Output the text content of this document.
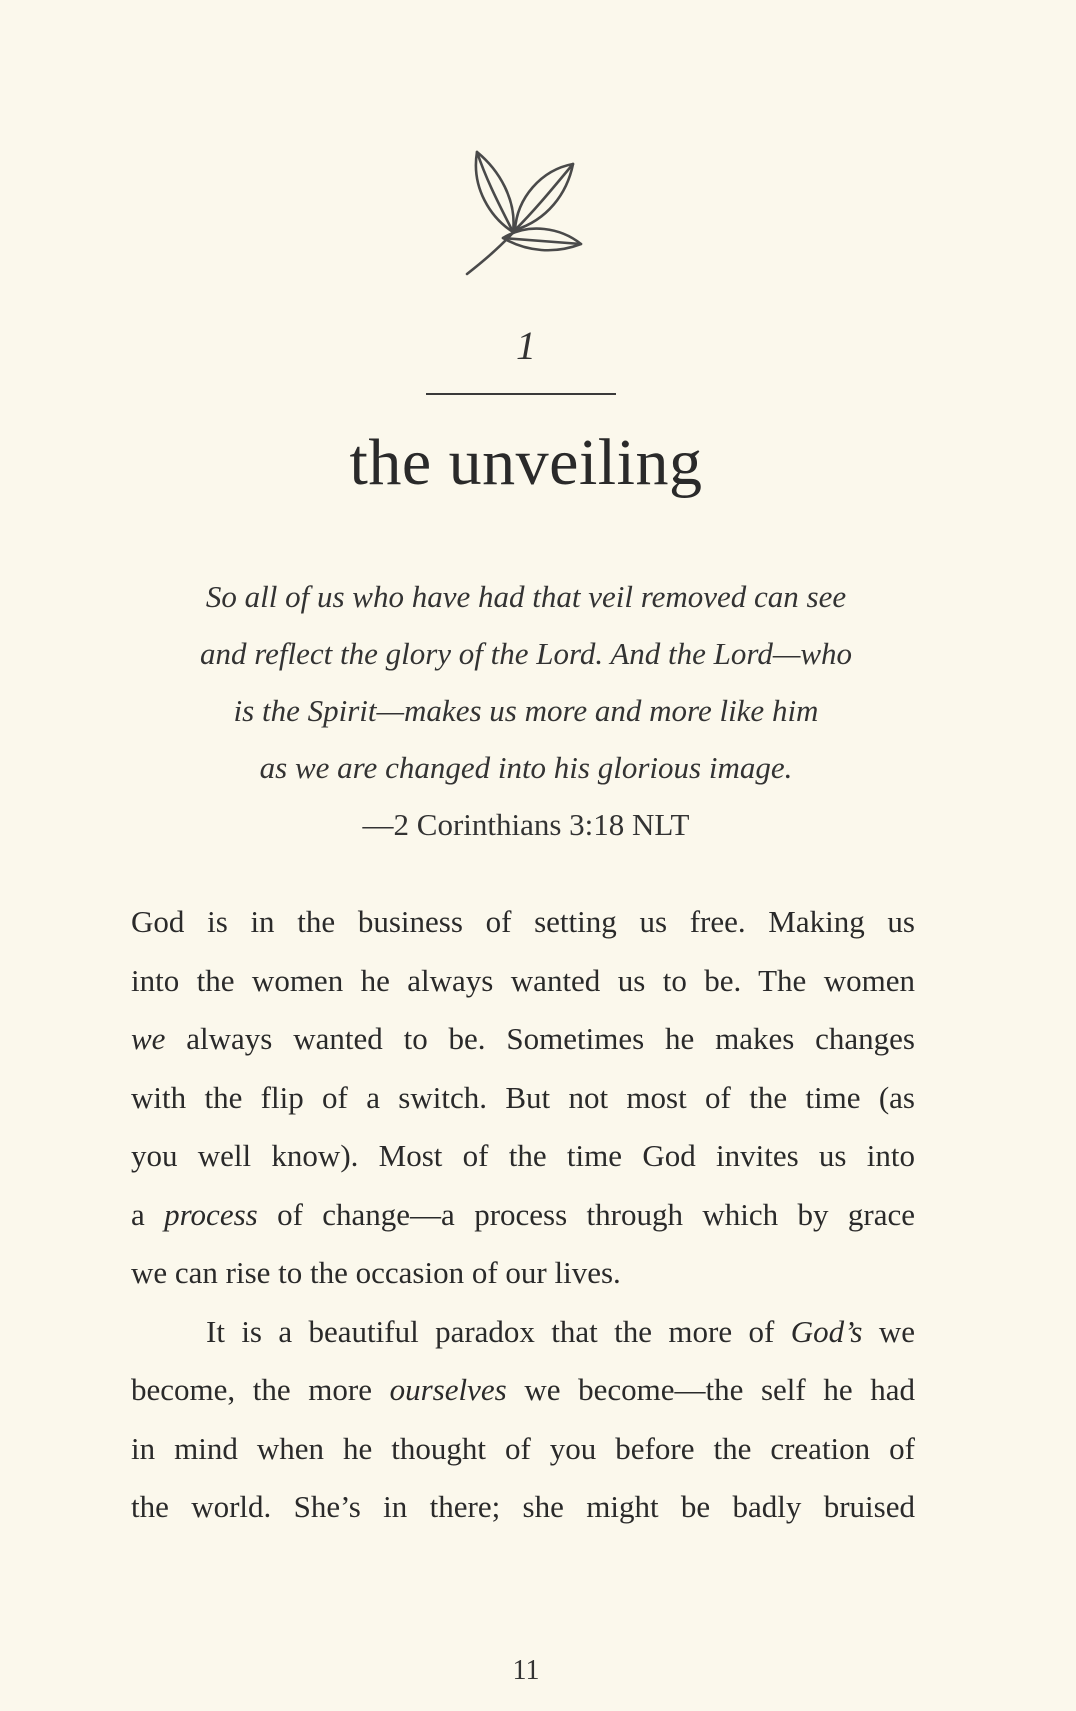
1
the unveiling
So all of us who have had that veil removed can see
and reflect the glory of the Lord. And the Lord—who
is the Spirit—makes us more and more like him
as we are changed into his glorious image.
—2 Corinthians 3:18 NLT
God is in the business of setting us free. Making us
into the women he always wanted us to be. The women
we always wanted to be. Sometimes he makes changes
with the flip of a switch. But not most of the time (as
you well know). Most of the time God invites us into
a process of change—a process through which by grace
we can rise to the occasion of our lives.
It is a beautiful paradox that the more of God’s we
become, the more ourselves we become—the self he had
in mind when he thought of you before the creation of
the world. She’s in there; she might be badly bruised
11
